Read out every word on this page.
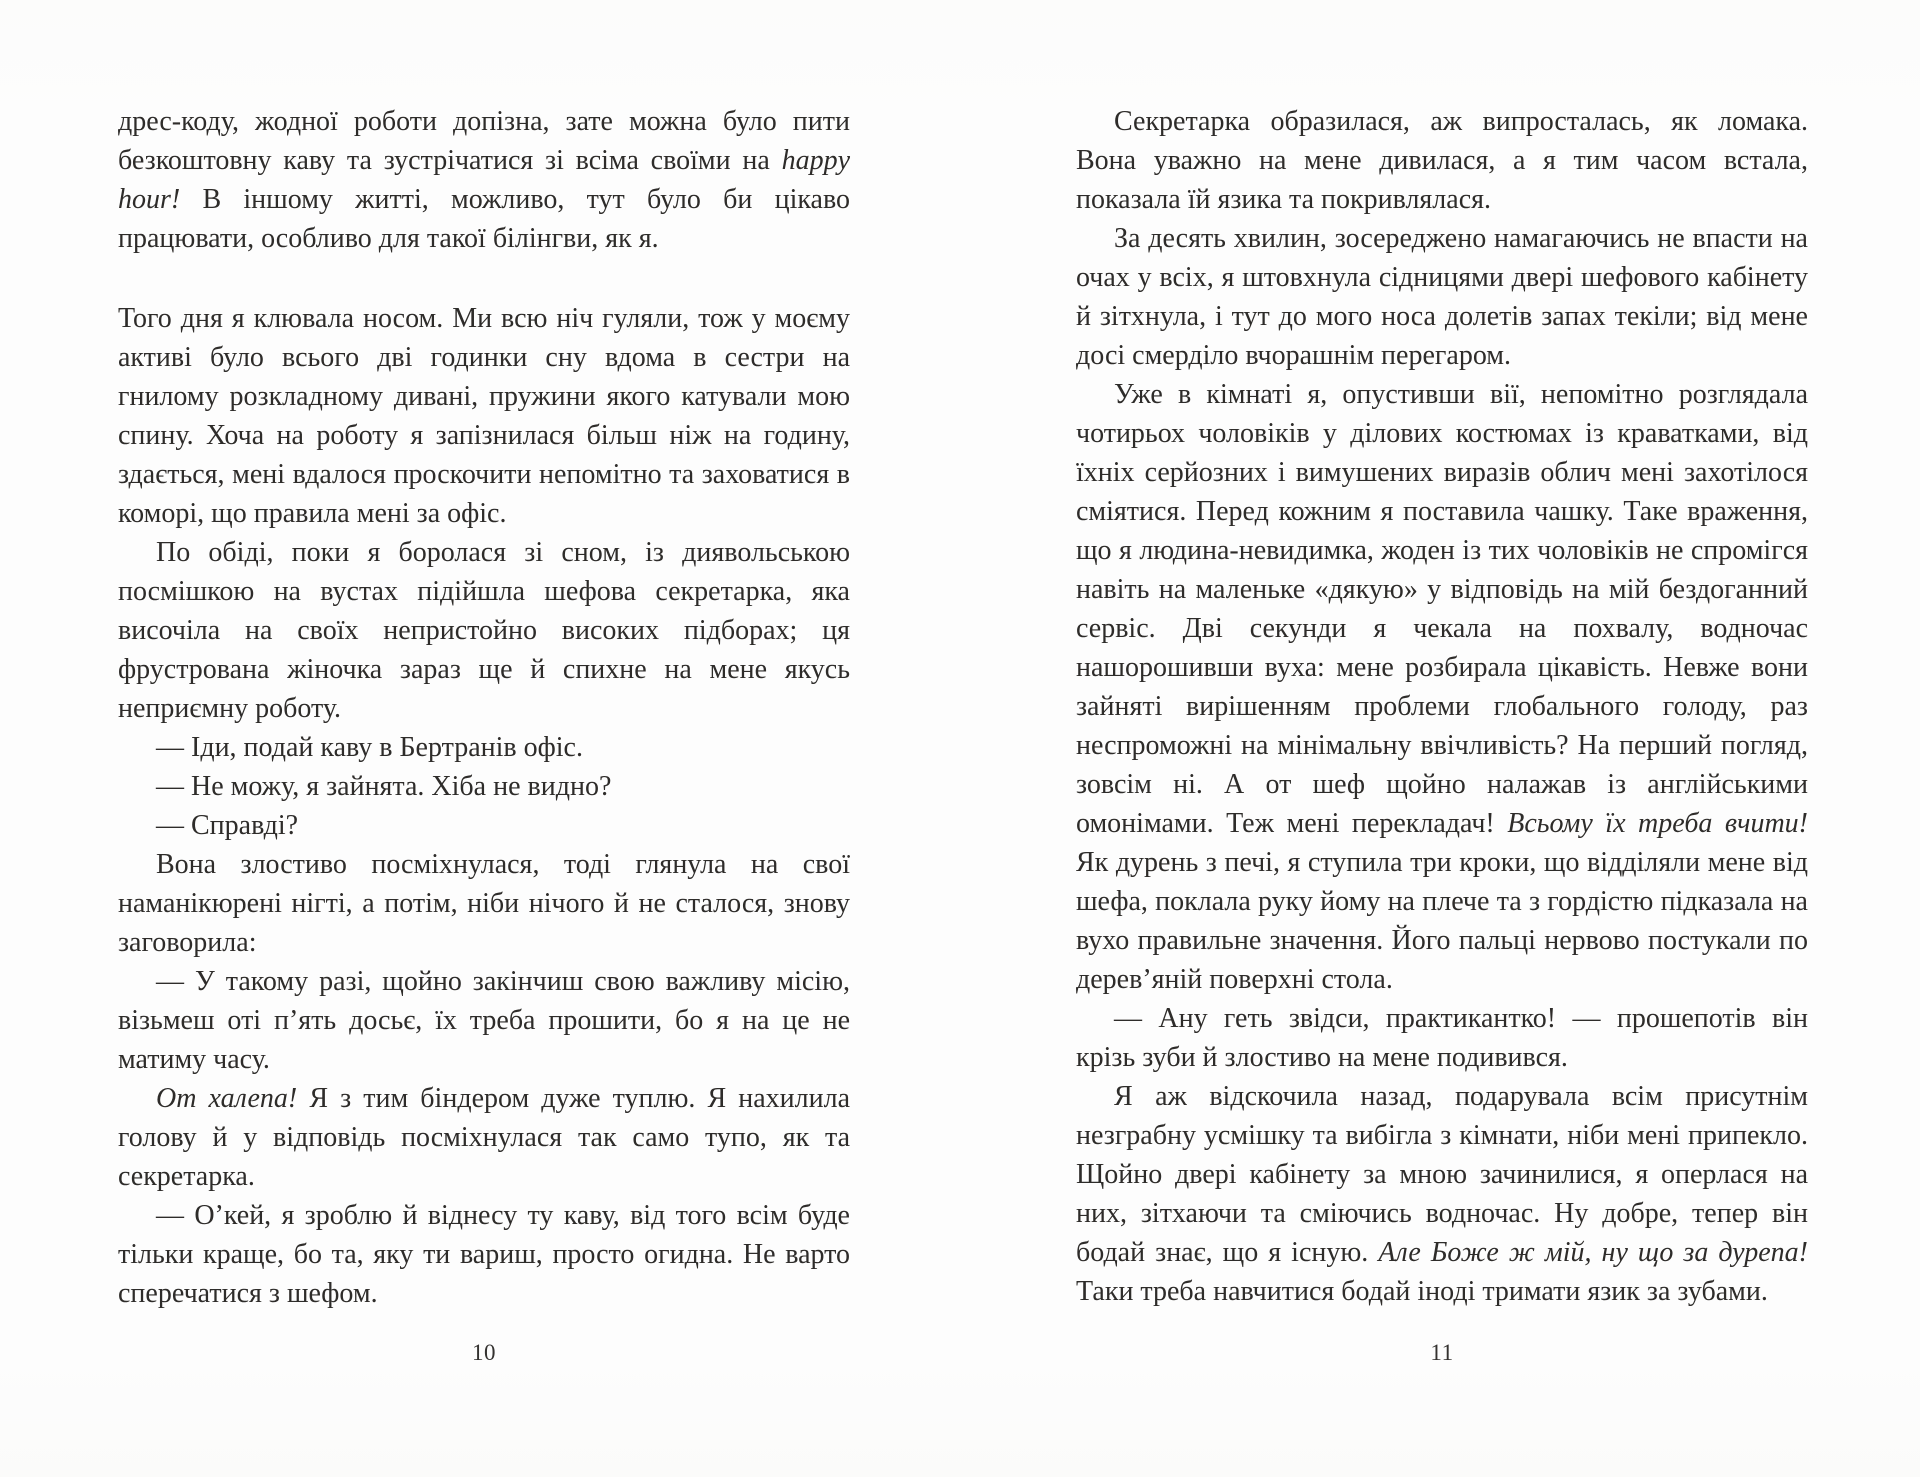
дрес-коду, жодної роботи допізна, зате можна було пити безкоштовну каву та зустрічатися зі всіма своїми на happy hour! В іншому житті, можливо, тут було би цікаво працювати, особливо для такої білінгви, як я.

Того дня я клювала носом. Ми всю ніч гуляли, тож у моєму активі було всього дві годинки сну вдома в сестри на гнилому розкладному дивані, пружини якого катували мою спину. Хоча на роботу я запізнилася більш ніж на годину, здається, мені вдалося проскочити непомітно та заховатися в коморі, що правила мені за офіс.

По обіді, поки я боролася зі сном, із диявольською посмішкою на вустах підійшла шефова секретарка, яка височіла на своїх непристойно високих підборах; ця фрустрована жіночка зараз ще й спихне на мене якусь неприємну роботу.

— Іди, подай каву в Бертранів офіс.

— Не можу, я зайнята. Хіба не видно?

— Справді?

Вона злостиво посміхнулася, тоді глянула на свої наманікюрені нігті, а потім, ніби нічого й не сталося, знову заговорила:

— У такому разі, щойно закінчиш свою важливу місію, візьмеш оті п’ять досьє, їх треба прошити, бо я на це не матиму часу.

От халепа! Я з тим біндером дуже туплю. Я нахилила голову й у відповідь посміхнулася так само тупо, як та секретарка.

— О’кей, я зроблю й віднесу ту каву, від того всім буде тільки краще, бо та, яку ти вариш, просто огидна. Не варто сперечатися з шефом.

10

Секретарка образилася, аж випросталась, як ломака. Вона уважно на мене дивилася, а я тим часом встала, показала їй язика та покривлялася.

За десять хвилин, зосереджено намагаючись не впасти на очах у всіх, я штовхнула сідницями двері шефового кабінету й зітхнула, і тут до мого носа долетів запах текіли; від мене досі смерділо вчорашнім перегаром.

Уже в кімнаті я, опустивши вії, непомітно розглядала чотирьох чоловіків у ділових костюмах із краватками, від їхніх серйозних і вимушених виразів облич мені захотілося сміятися. Перед кожним я поставила чашку. Таке враження, що я людина-невидимка, жоден із тих чоловіків не спромігся навіть на маленьке «дякую» у відповідь на мій бездоганний сервіс. Дві секунди я чекала на похвалу, водночас нашорошивши вуха: мене розбирала цікавість. Невже вони зайняті вирішенням проблеми глобального голоду, раз неспроможні на мінімальну ввічливість? На перший погляд, зовсім ні. А от шеф щойно налажав із англійськими омонімами. Теж мені перекладач! Всьому їх треба вчити! Як дурень з печі, я ступила три кроки, що відділяли мене від шефа, поклала руку йому на плече та з гордістю підказала на вухо правильне значення. Його пальці нервово постукали по дерев’яній поверхні стола.

— Ану геть звідси, практикантко! — прошепотів він крізь зуби й злостиво на мене подивився.

Я аж відскочила назад, подарувала всім присутнім незграбну усмішку та вибігла з кімнати, ніби мені припекло. Щойно двері кабінету за мною зачинилися, я оперлася на них, зітхаючи та сміючись водночас. Ну добре, тепер він бодай знає, що я існую. Але Боже ж мій, ну що за дурепа! Таки треба навчитися бодай іноді тримати язик за зубами.

11
